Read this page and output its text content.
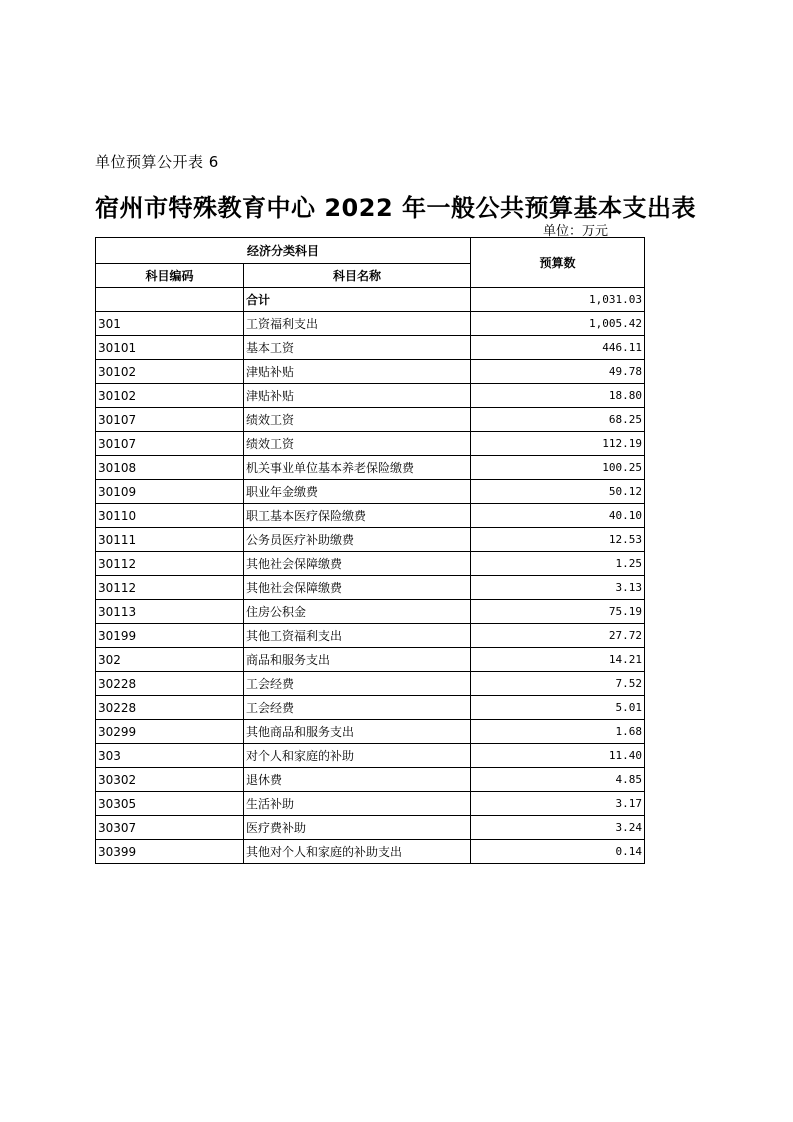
单位预算公开表 6
宿州市特殊教育中心 2022 年一般公共预算基本支出表
单位：万元
经济分类科目		预算数
科目编码	科目名称	
	合计	1,031.03
301	工资福利支出	1,005.42
30101	基本工资	446.11
30102	津贴补贴	49.78
30102	津贴补贴	18.80
30107	绩效工资	68.25
30107	绩效工资	112.19
30108	机关事业单位基本养老保险缴费	100.25
30109	职业年金缴费	50.12
30110	职工基本医疗保险缴费	40.10
30111	公务员医疗补助缴费	12.53
30112	其他社会保障缴费	1.25
30112	其他社会保障缴费	3.13
30113	住房公积金	75.19
30199	其他工资福利支出	27.72
302	商品和服务支出	14.21
30228	工会经费	7.52
30228	工会经费	5.01
30299	其他商品和服务支出	1.68
303	对个人和家庭的补助	11.40
30302	退休费	4.85
30305	生活补助	3.17
30307	医疗费补助	3.24
30399	其他对个人和家庭的补助支出	0.14
